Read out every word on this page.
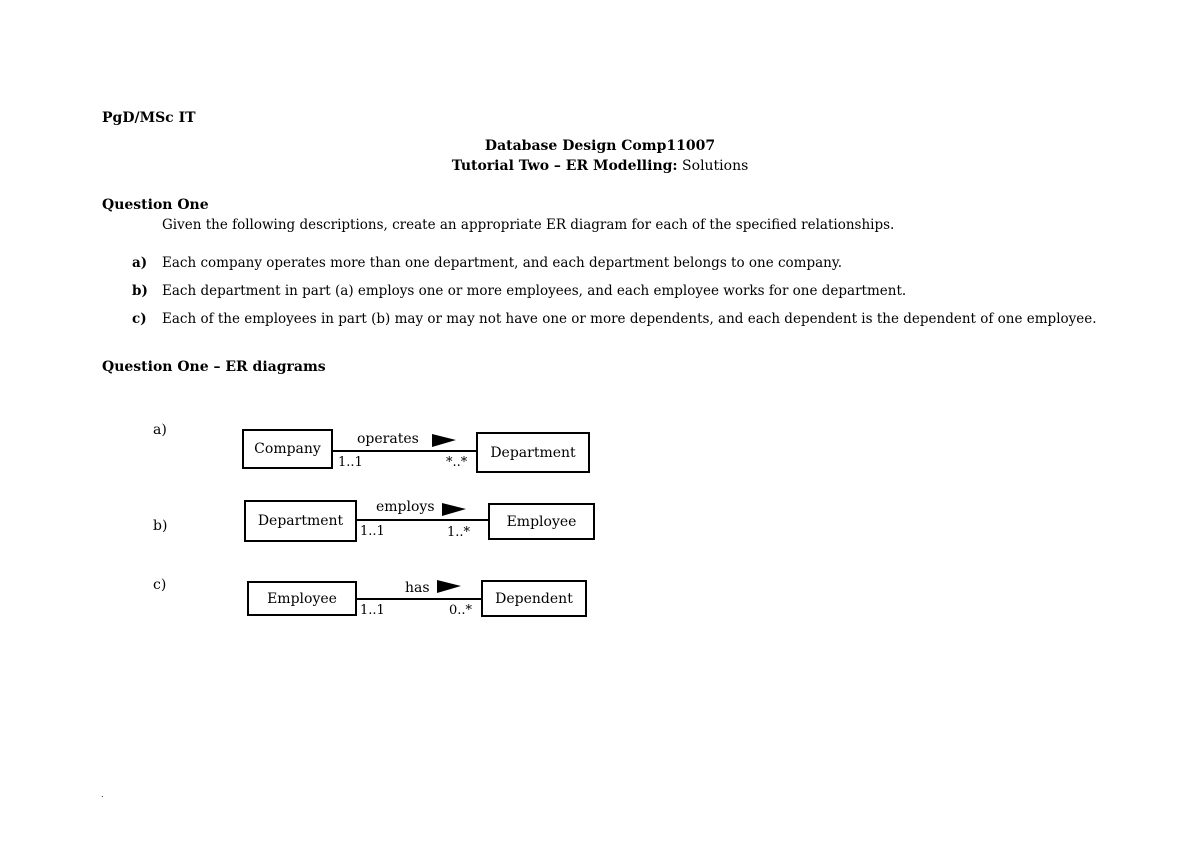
PgD/MSc IT
Database Design Comp11007
Tutorial Two – ER Modelling: Solutions
Question One
Given the following descriptions, create an appropriate ER diagram for each of the specified relationships.
a) Each company operates more than one department, and each department belongs to one company.
b) Each department in part (a) employs one or more employees, and each employee works for one department.
c) Each of the employees in part (b) may or may not have one or more dependents, and each dependent is the dependent of one employee.
Question One – ER diagrams
a)
Company
operates
1..1	*..*
Department
b)	Department
employs
1..1	1..*
Employee
c)
Employee
has
1..1	0..*
Dependent
.
